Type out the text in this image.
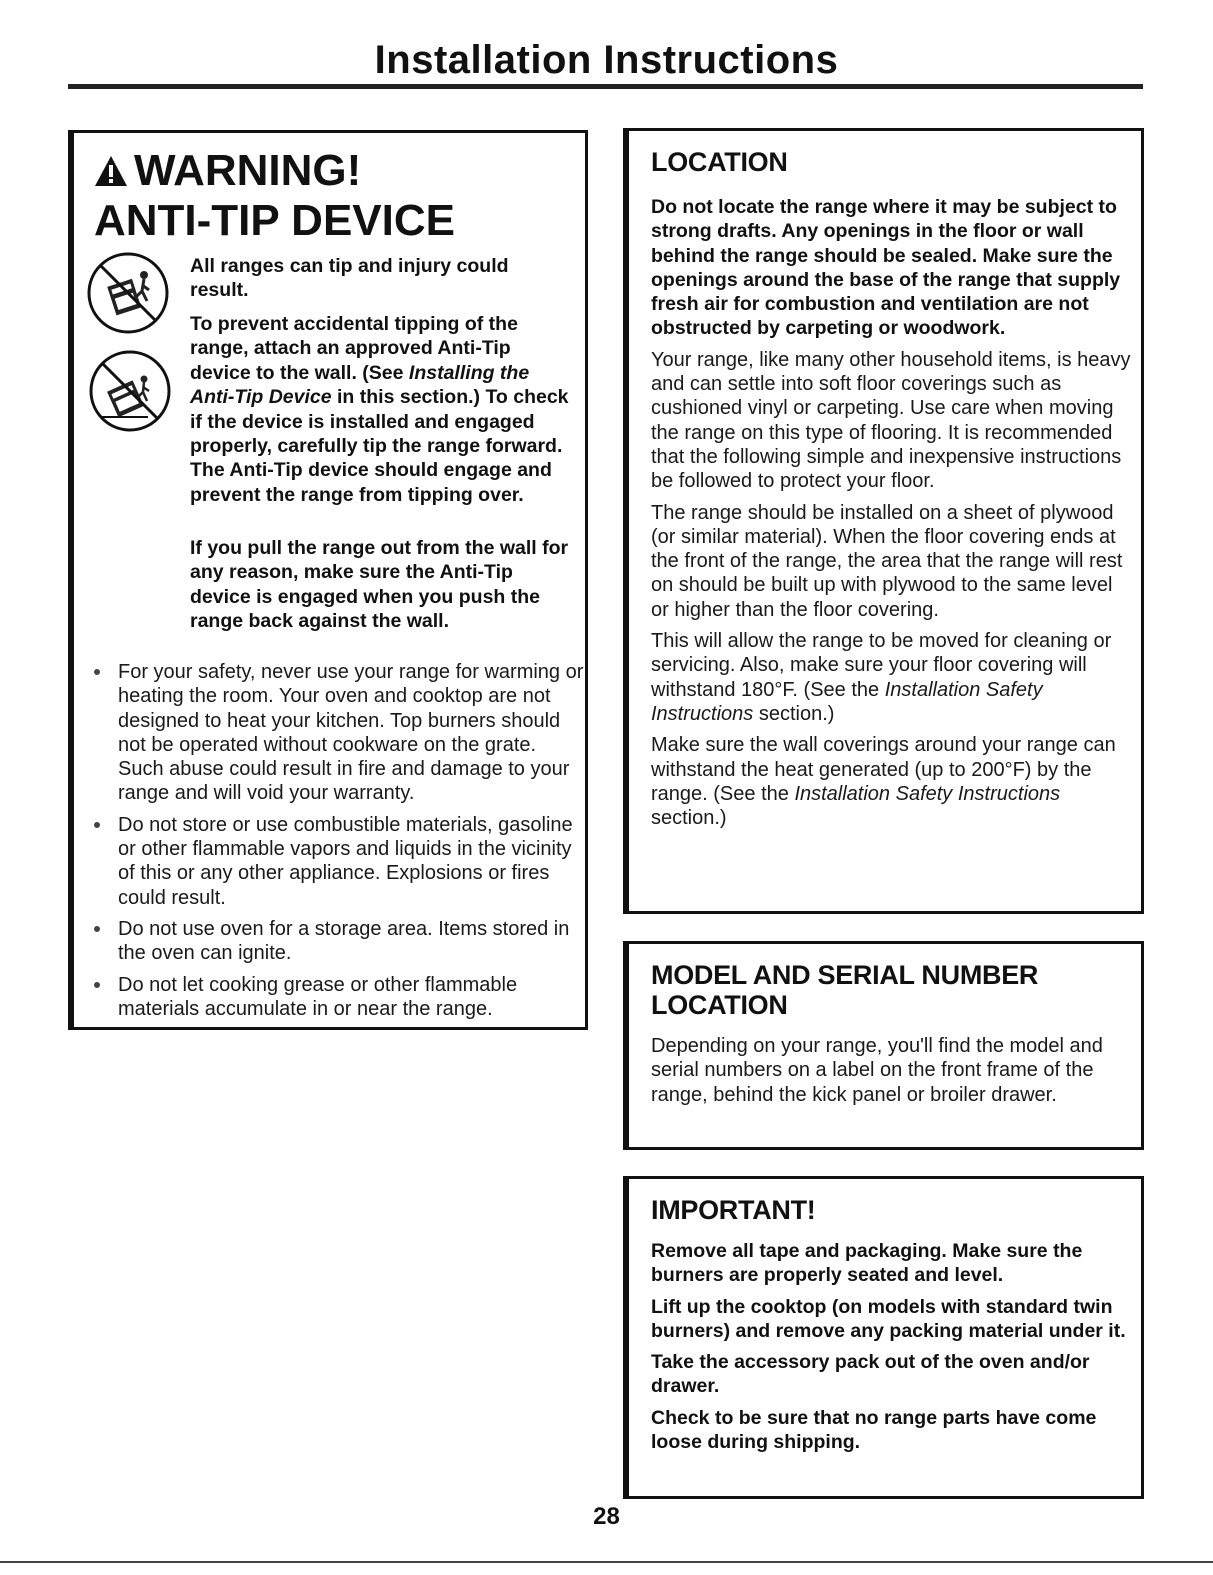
Installation Instructions
WARNING!
ANTI-TIP DEVICE

All ranges can tip and injury could result.

To prevent accidental tipping of the range, attach an approved Anti-Tip device to the wall. (See Installing the Anti-Tip Device in this section.) To check if the device is installed and engaged properly, carefully tip the range forward. The Anti-Tip device should engage and prevent the range from tipping over.

If you pull the range out from the wall for any reason, make sure the Anti-Tip device is engaged when you push the range back against the wall.

For your safety, never use your range for warming or heating the room. Your oven and cooktop are not designed to heat your kitchen. Top burners should not be operated without cookware on the grate. Such abuse could result in fire and damage to your range and will void your warranty.
Do not store or use combustible materials, gasoline or other flammable vapors and liquids in the vicinity of this or any other appliance. Explosions or fires could result.
Do not use oven for a storage area. Items stored in the oven can ignite.
Do not let cooking grease or other flammable materials accumulate in or near the range.
LOCATION

Do not locate the range where it may be subject to strong drafts. Any openings in the floor or wall behind the range should be sealed. Make sure the openings around the base of the range that supply fresh air for combustion and ventilation are not obstructed by carpeting or woodwork.

Your range, like many other household items, is heavy and can settle into soft floor coverings such as cushioned vinyl or carpeting. Use care when moving the range on this type of flooring. It is recommended that the following simple and inexpensive instructions be followed to protect your floor.

The range should be installed on a sheet of plywood (or similar material). When the floor covering ends at the front of the range, the area that the range will rest on should be built up with plywood to the same level or higher than the floor covering.

This will allow the range to be moved for cleaning or servicing. Also, make sure your floor covering will withstand 180°F. (See the Installation Safety Instructions section.)

Make sure the wall coverings around your range can withstand the heat generated (up to 200°F) by the range. (See the Installation Safety Instructions section.)

MODEL AND SERIAL NUMBER
LOCATION

Depending on your range, you'll find the model and serial numbers on a label on the front frame of the range, behind the kick panel or broiler drawer.

IMPORTANT!

Remove all tape and packaging. Make sure the burners are properly seated and level.

Lift up the cooktop (on models with standard twin burners) and remove any packing material under it.

Take the accessory pack out of the oven and/or drawer.

Check to be sure that no range parts have come loose during shipping.

28
